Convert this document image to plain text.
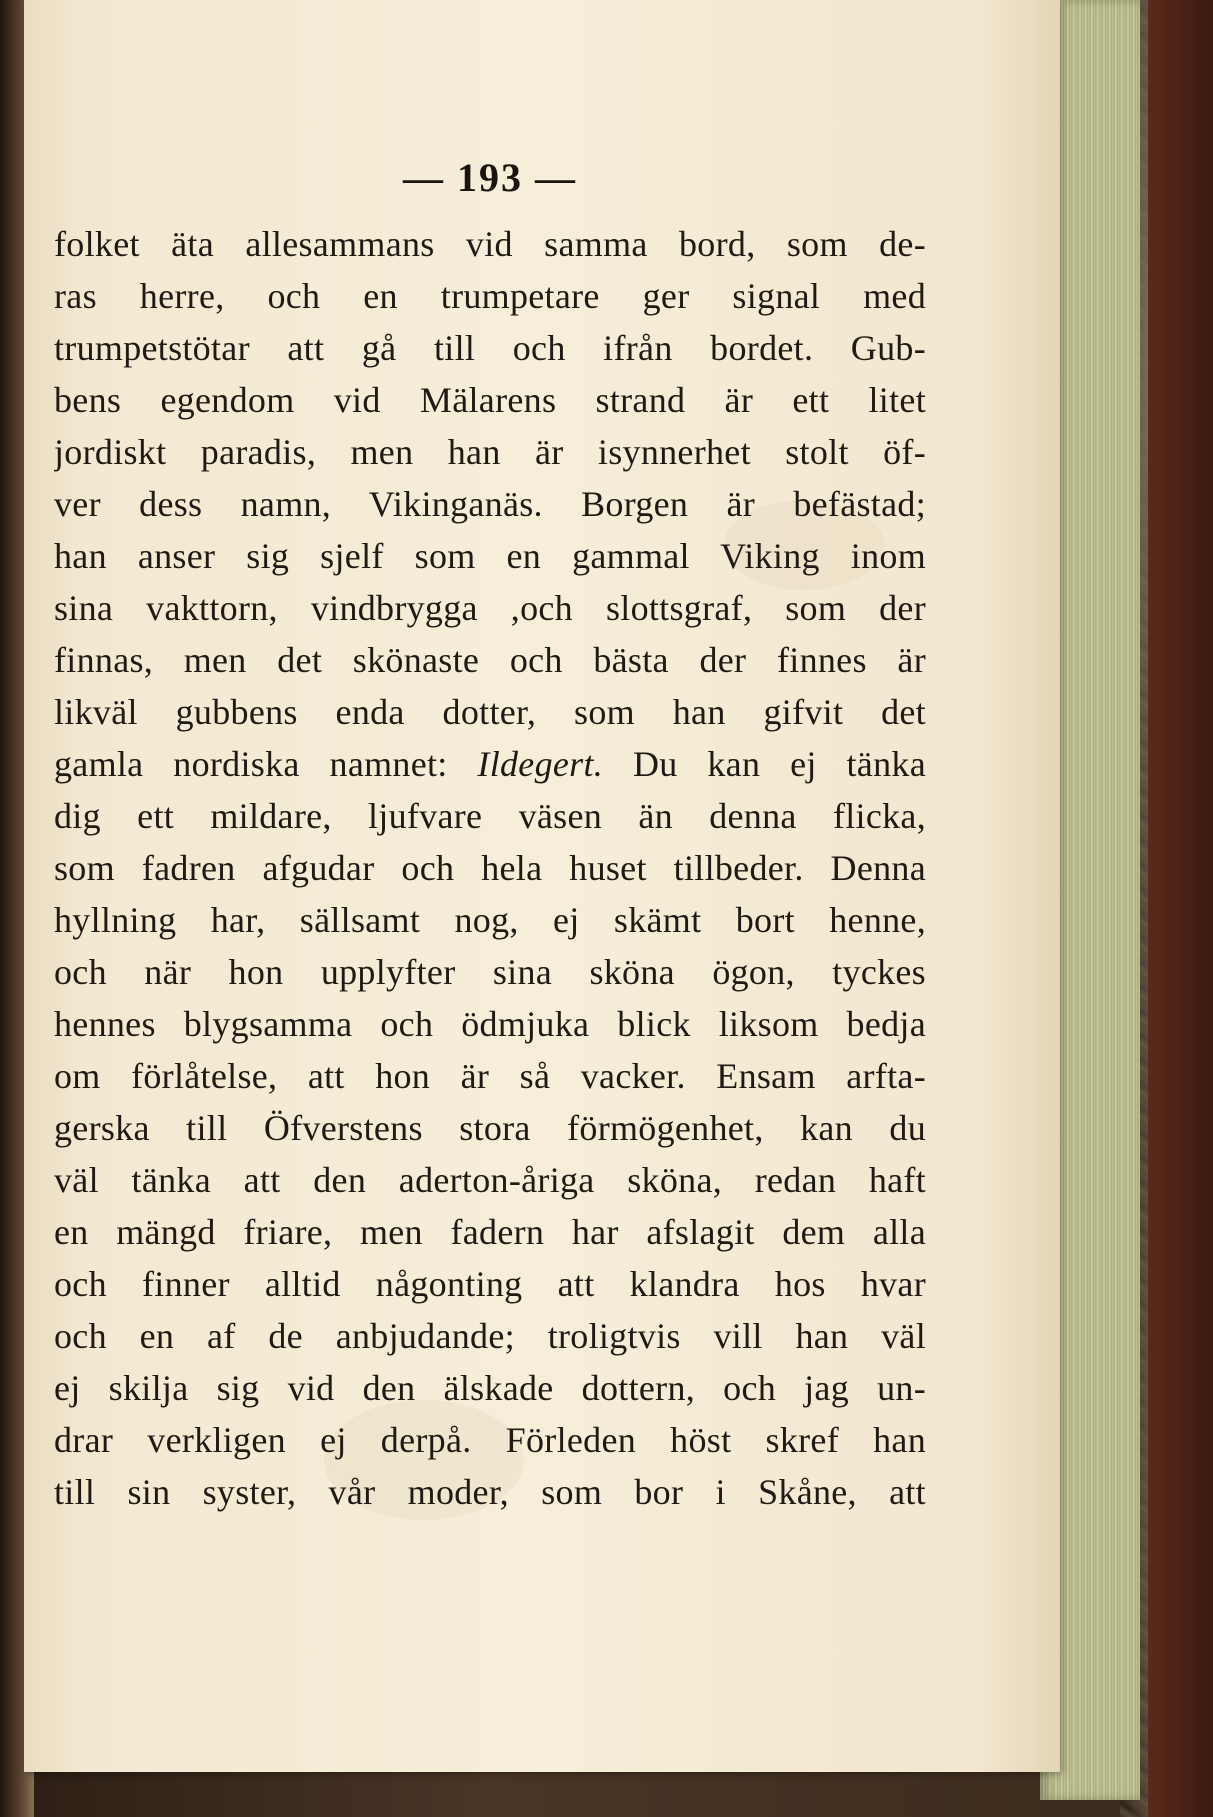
— 193 —
folket äta allesammans vid samma bord, som de-
ras herre, och en trumpetare ger signal med
trumpetstötar att gå till och ifrån bordet. Gub-
bens egendom vid Mälarens strand är ett litet
jordiskt paradis, men han är isynnerhet stolt öf-
ver dess namn, Vikinganäs. Borgen är befästad;
han anser sig sjelf som en gammal Viking inom
sina vakttorn, vindbrygga ,och slottsgraf, som der
finnas, men det skönaste och bästa der finnes är
likväl gubbens enda dotter, som han gifvit det
gamla nordiska namnet: Ildegert. Du kan ej tänka
dig ett mildare, ljufvare väsen än denna flicka,
som fadren afgudar och hela huset tillbeder. Denna
hyllning har, sällsamt nog, ej skämt bort henne,
och när hon upplyfter sina sköna ögon, tyckes
hennes blygsamma och ödmjuka blick liksom bedja
om förlåtelse, att hon är så vacker. Ensam arfta-
gerska till Öfverstens stora förmögenhet, kan du
väl tänka att den aderton-åriga sköna, redan haft
en mängd friare, men fadern har afslagit dem alla
och finner alltid någonting att klandra hos hvar
och en af de anbjudande; troligtvis vill han väl
ej skilja sig vid den älskade dottern, och jag un-
drar verkligen ej derpå. Förleden höst skref han
till sin syster, vår moder, som bor i Skåne, att
